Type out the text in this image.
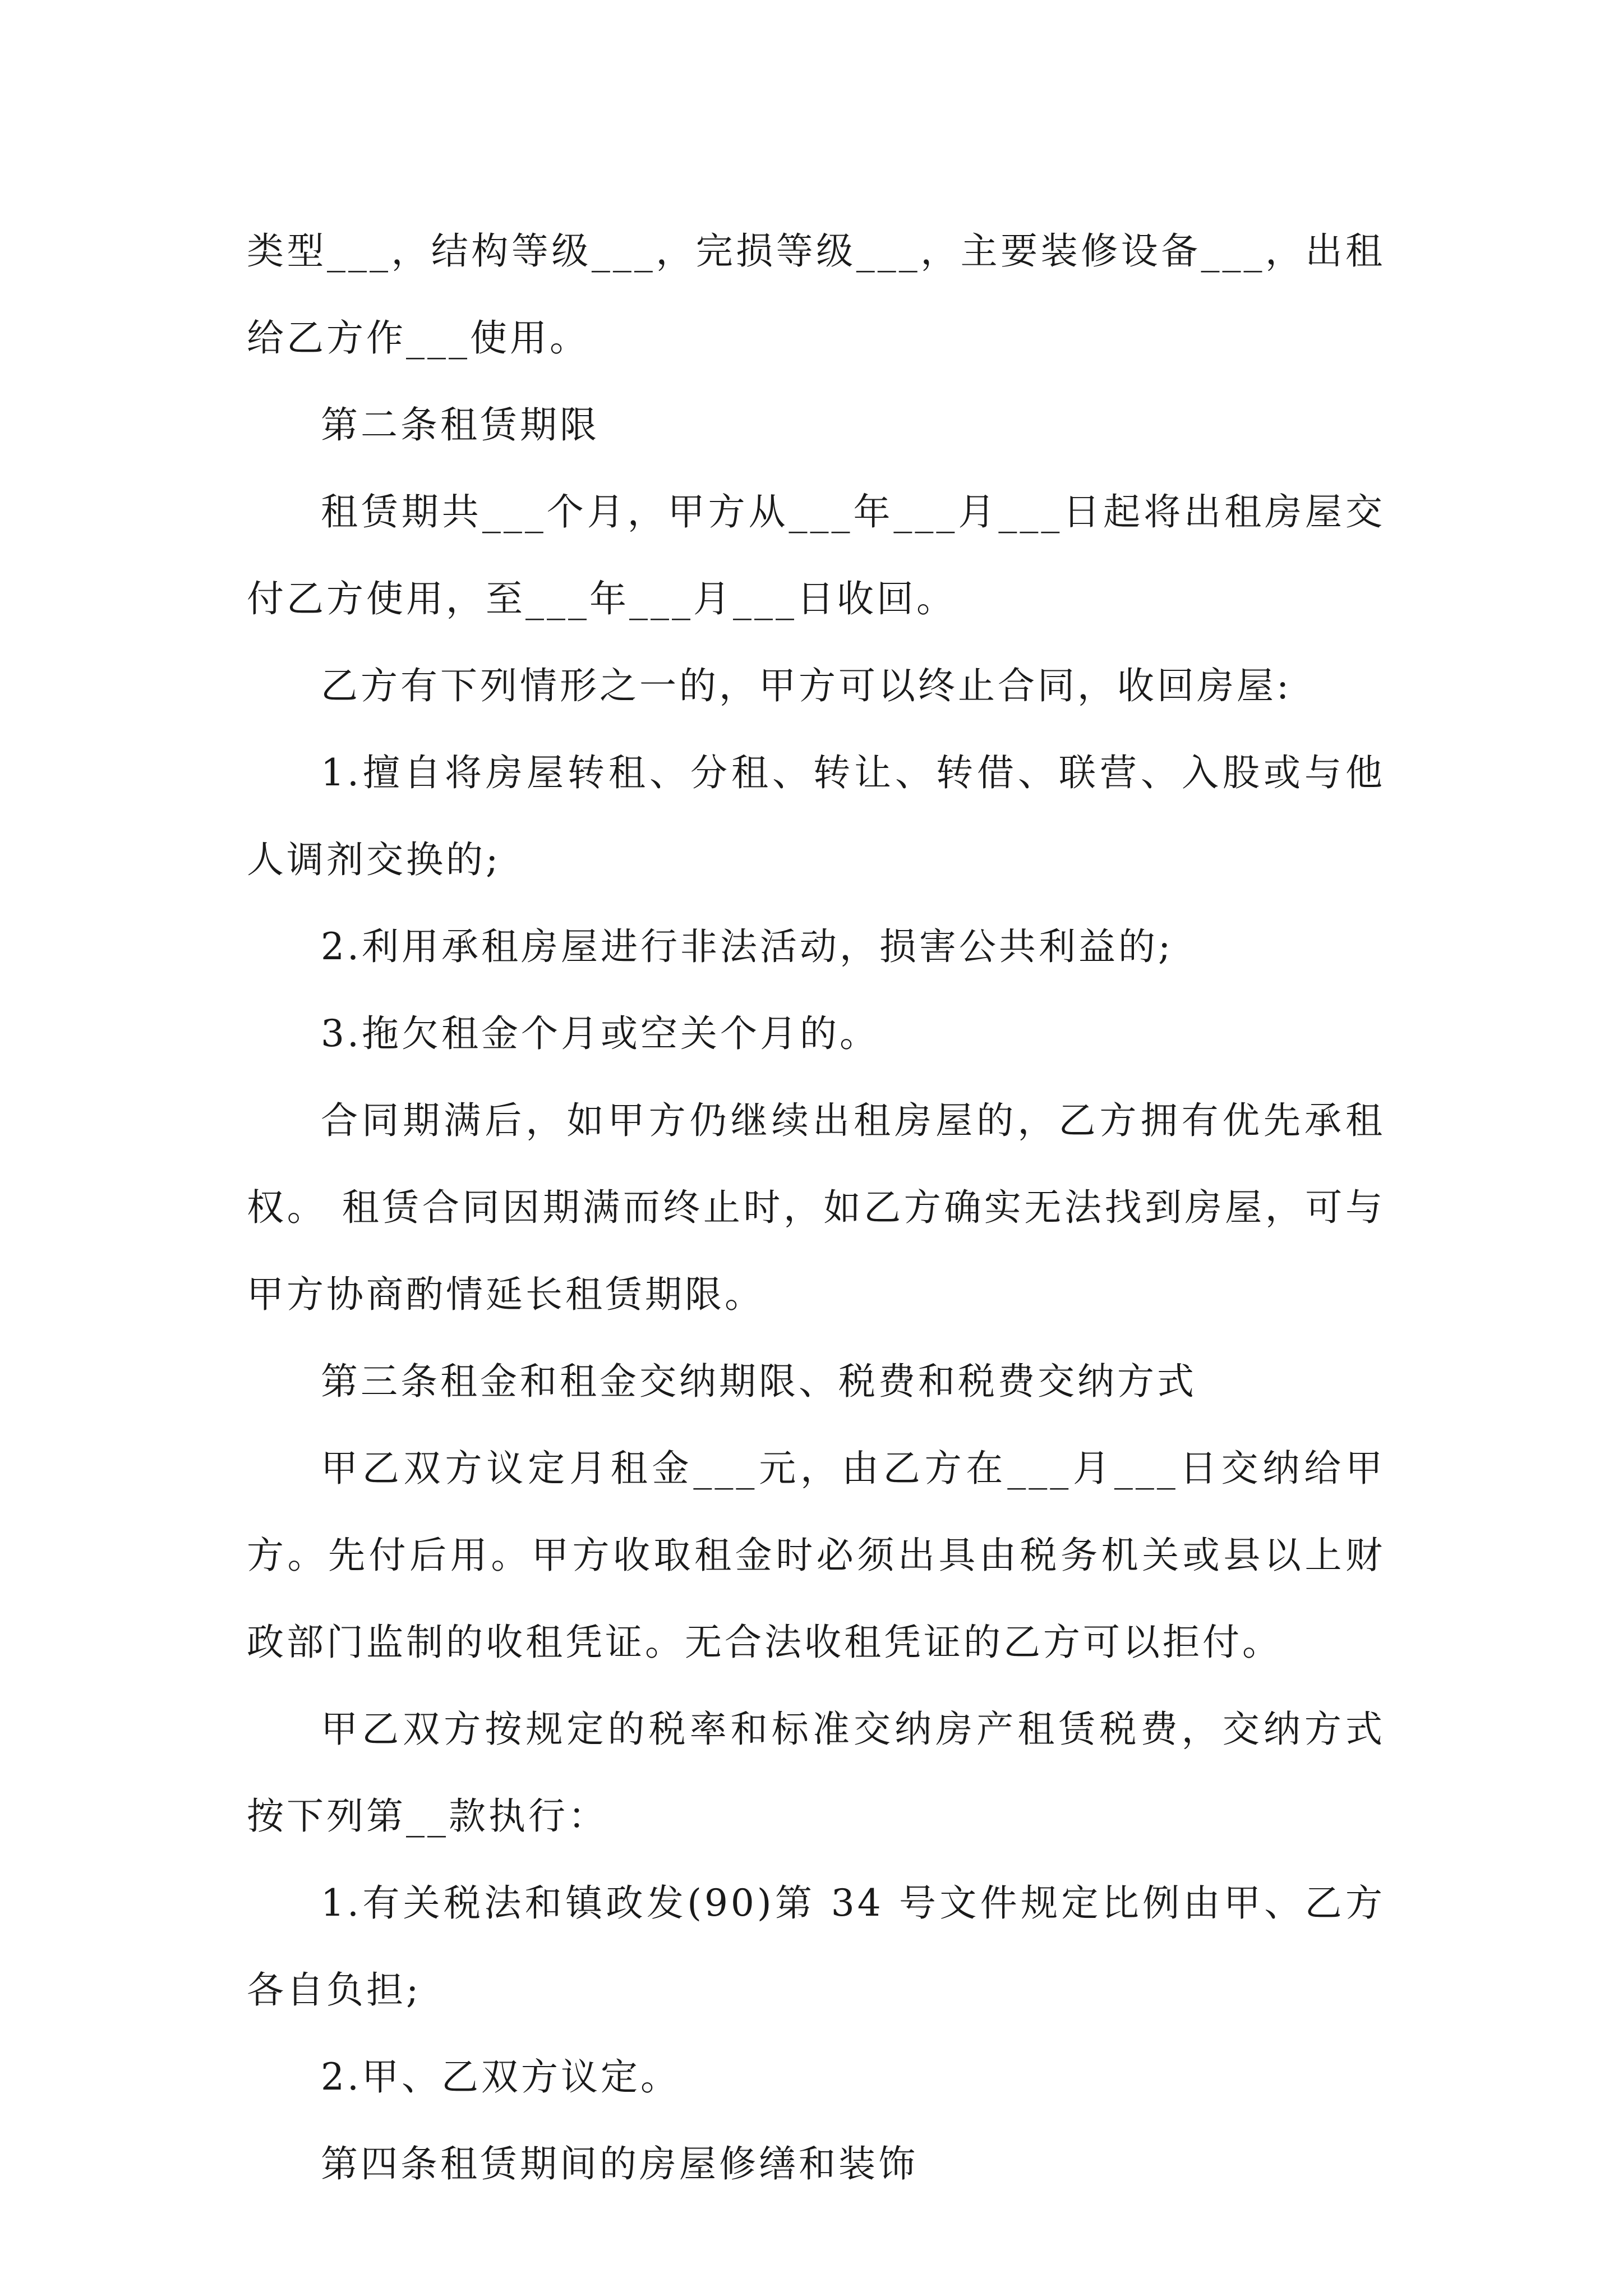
类型___，结构等级___，完损等级___，主要装修设备___，出租给乙方作___使用。

第二条租赁期限

租赁期共___个月，甲方从___年___月___日起将出租房屋交付乙方使用，至___年___月___日收回。

乙方有下列情形之一的，甲方可以终止合同，收回房屋:

1.擅自将房屋转租、分租、转让、转借、联营、入股或与他人调剂交换的;

2.利用承租房屋进行非法活动，损害公共利益的;

3.拖欠租金个月或空关个月的。

合同期满后，如甲方仍继续出租房屋的，乙方拥有优先承租权。 租赁合同因期满而终止时，如乙方确实无法找到房屋，可与甲方协商酌情延长租赁期限。

第三条租金和租金交纳期限、税费和税费交纳方式

甲乙双方议定月租金___元，由乙方在___月___日交纳给甲方。先付后用。甲方收取租金时必须出具由税务机关或县以上财政部门监制的收租凭证。无合法收租凭证的乙方可以拒付。

甲乙双方按规定的税率和标准交纳房产租赁税费，交纳方式按下列第__款执行：

1.有关税法和镇政发(90)第 34 号文件规定比例由甲、乙方各自负担;

2.甲、乙双方议定。

第四条租赁期间的房屋修缮和装饰
